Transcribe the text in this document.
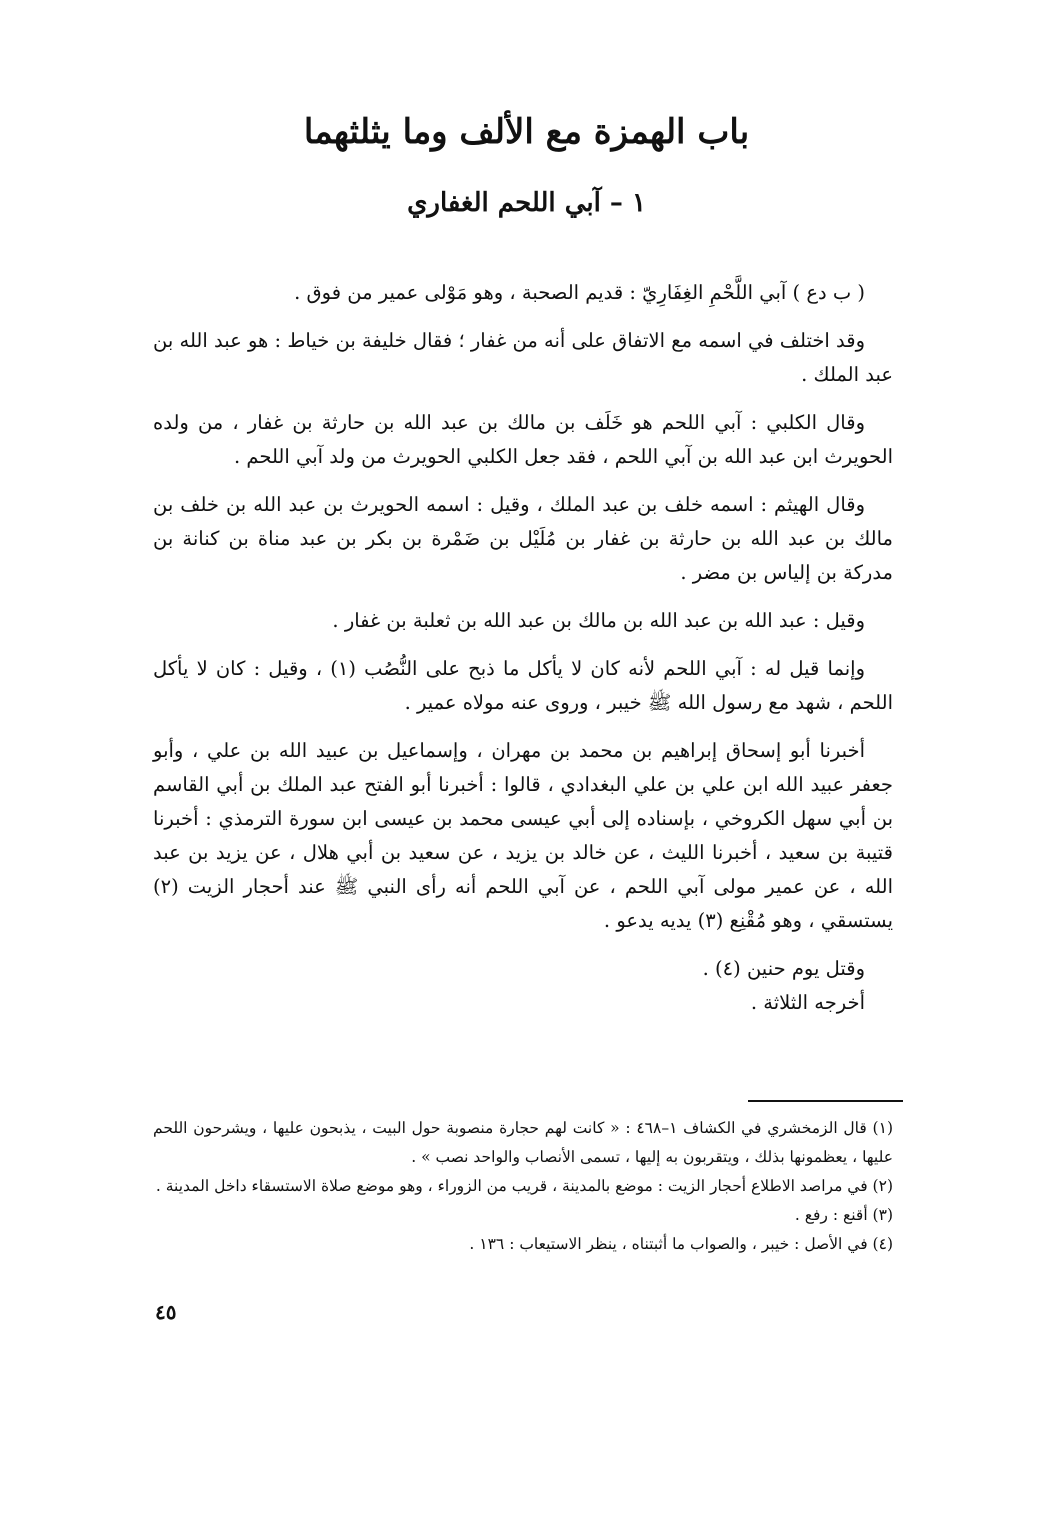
باب الهمزة مع الألف وما يثلثهما
١ – آبي اللحم الغفاري

( ب دع ) آبي اللَّحْمِ الغِفَارِيّ : قديم الصحبة ، وهو مَوْلى عمير من فوق .

وقد اختلف في اسمه مع الاتفاق على أنه من غفار ؛ فقال خليفة بن خياط : هو عبد الله بن عبد الملك .

وقال الكلبي : آبي اللحم هو خَلَف بن مالك بن عبد الله بن حارثة بن غفار ، من ولده الحويرث ابن عبد الله بن آبي اللحم ، فقد جعل الكلبي الحويرث من ولد آبي اللحم .

وقال الهيثم : اسمه خلف بن عبد الملك ، وقيل : اسمه الحويرث بن عبد الله بن خلف بن مالك بن عبد الله بن حارثة بن غفار بن مُلَيْل بن ضَمْرة بن بكر بن عبد مناة بن كنانة بن مدركة بن إلياس بن مضر .

وقيل : عبد الله بن عبد الله بن مالك بن عبد الله بن ثعلبة بن غفار .

وإنما قيل له : آبي اللحم لأنه كان لا يأكل ما ذبح على النُّصُب (١) ، وقيل : كان لا يأكل اللحم ، شهد مع رسول الله ﷺ خيبر ، وروى عنه مولاه عمير .

أخبرنا أبو إسحاق إبراهيم بن محمد بن مهران ، وإسماعيل بن عبيد الله بن علي ، وأبو جعفر عبيد الله ابن علي بن علي البغدادي ، قالوا : أخبرنا أبو الفتح عبد الملك بن أبي القاسم بن أبي سهل الكروخي ، بإسناده إلى أبي عيسى محمد بن عيسى ابن سورة الترمذي : أخبرنا قتيبة بن سعيد ، أخبرنا الليث ، عن خالد بن يزيد ، عن سعيد بن أبي هلال ، عن يزيد بن عبد الله ، عن عمير مولى آبي اللحم ، عن آبي اللحم أنه رأى النبي ﷺ عند أحجار الزيت (٢) يستسقي ، وهو مُقْنِع (٣) يديه يدعو .

وقتل يوم حنين (٤) .

أخرجه الثلاثة .

(١) قال الزمخشري في الكشاف ١–٤٦٨ : « كانت لهم حجارة منصوبة حول البيت ، يذبحون عليها ، ويشرحون اللحم عليها ، يعظمونها بذلك ، ويتقربون به إليها ، تسمى الأنصاب والواحد نصب » .

(٢) في مراصد الاطلاع أحجار الزيت : موضع بالمدينة ، قريب من الزوراء ، وهو موضع صلاة الاستسقاء داخل المدينة .

(٣) أقنع : رفع .

(٤) في الأصل : خيبر ، والصواب ما أثبتناه ، ينظر الاستيعاب : ١٣٦ .

٤٥
